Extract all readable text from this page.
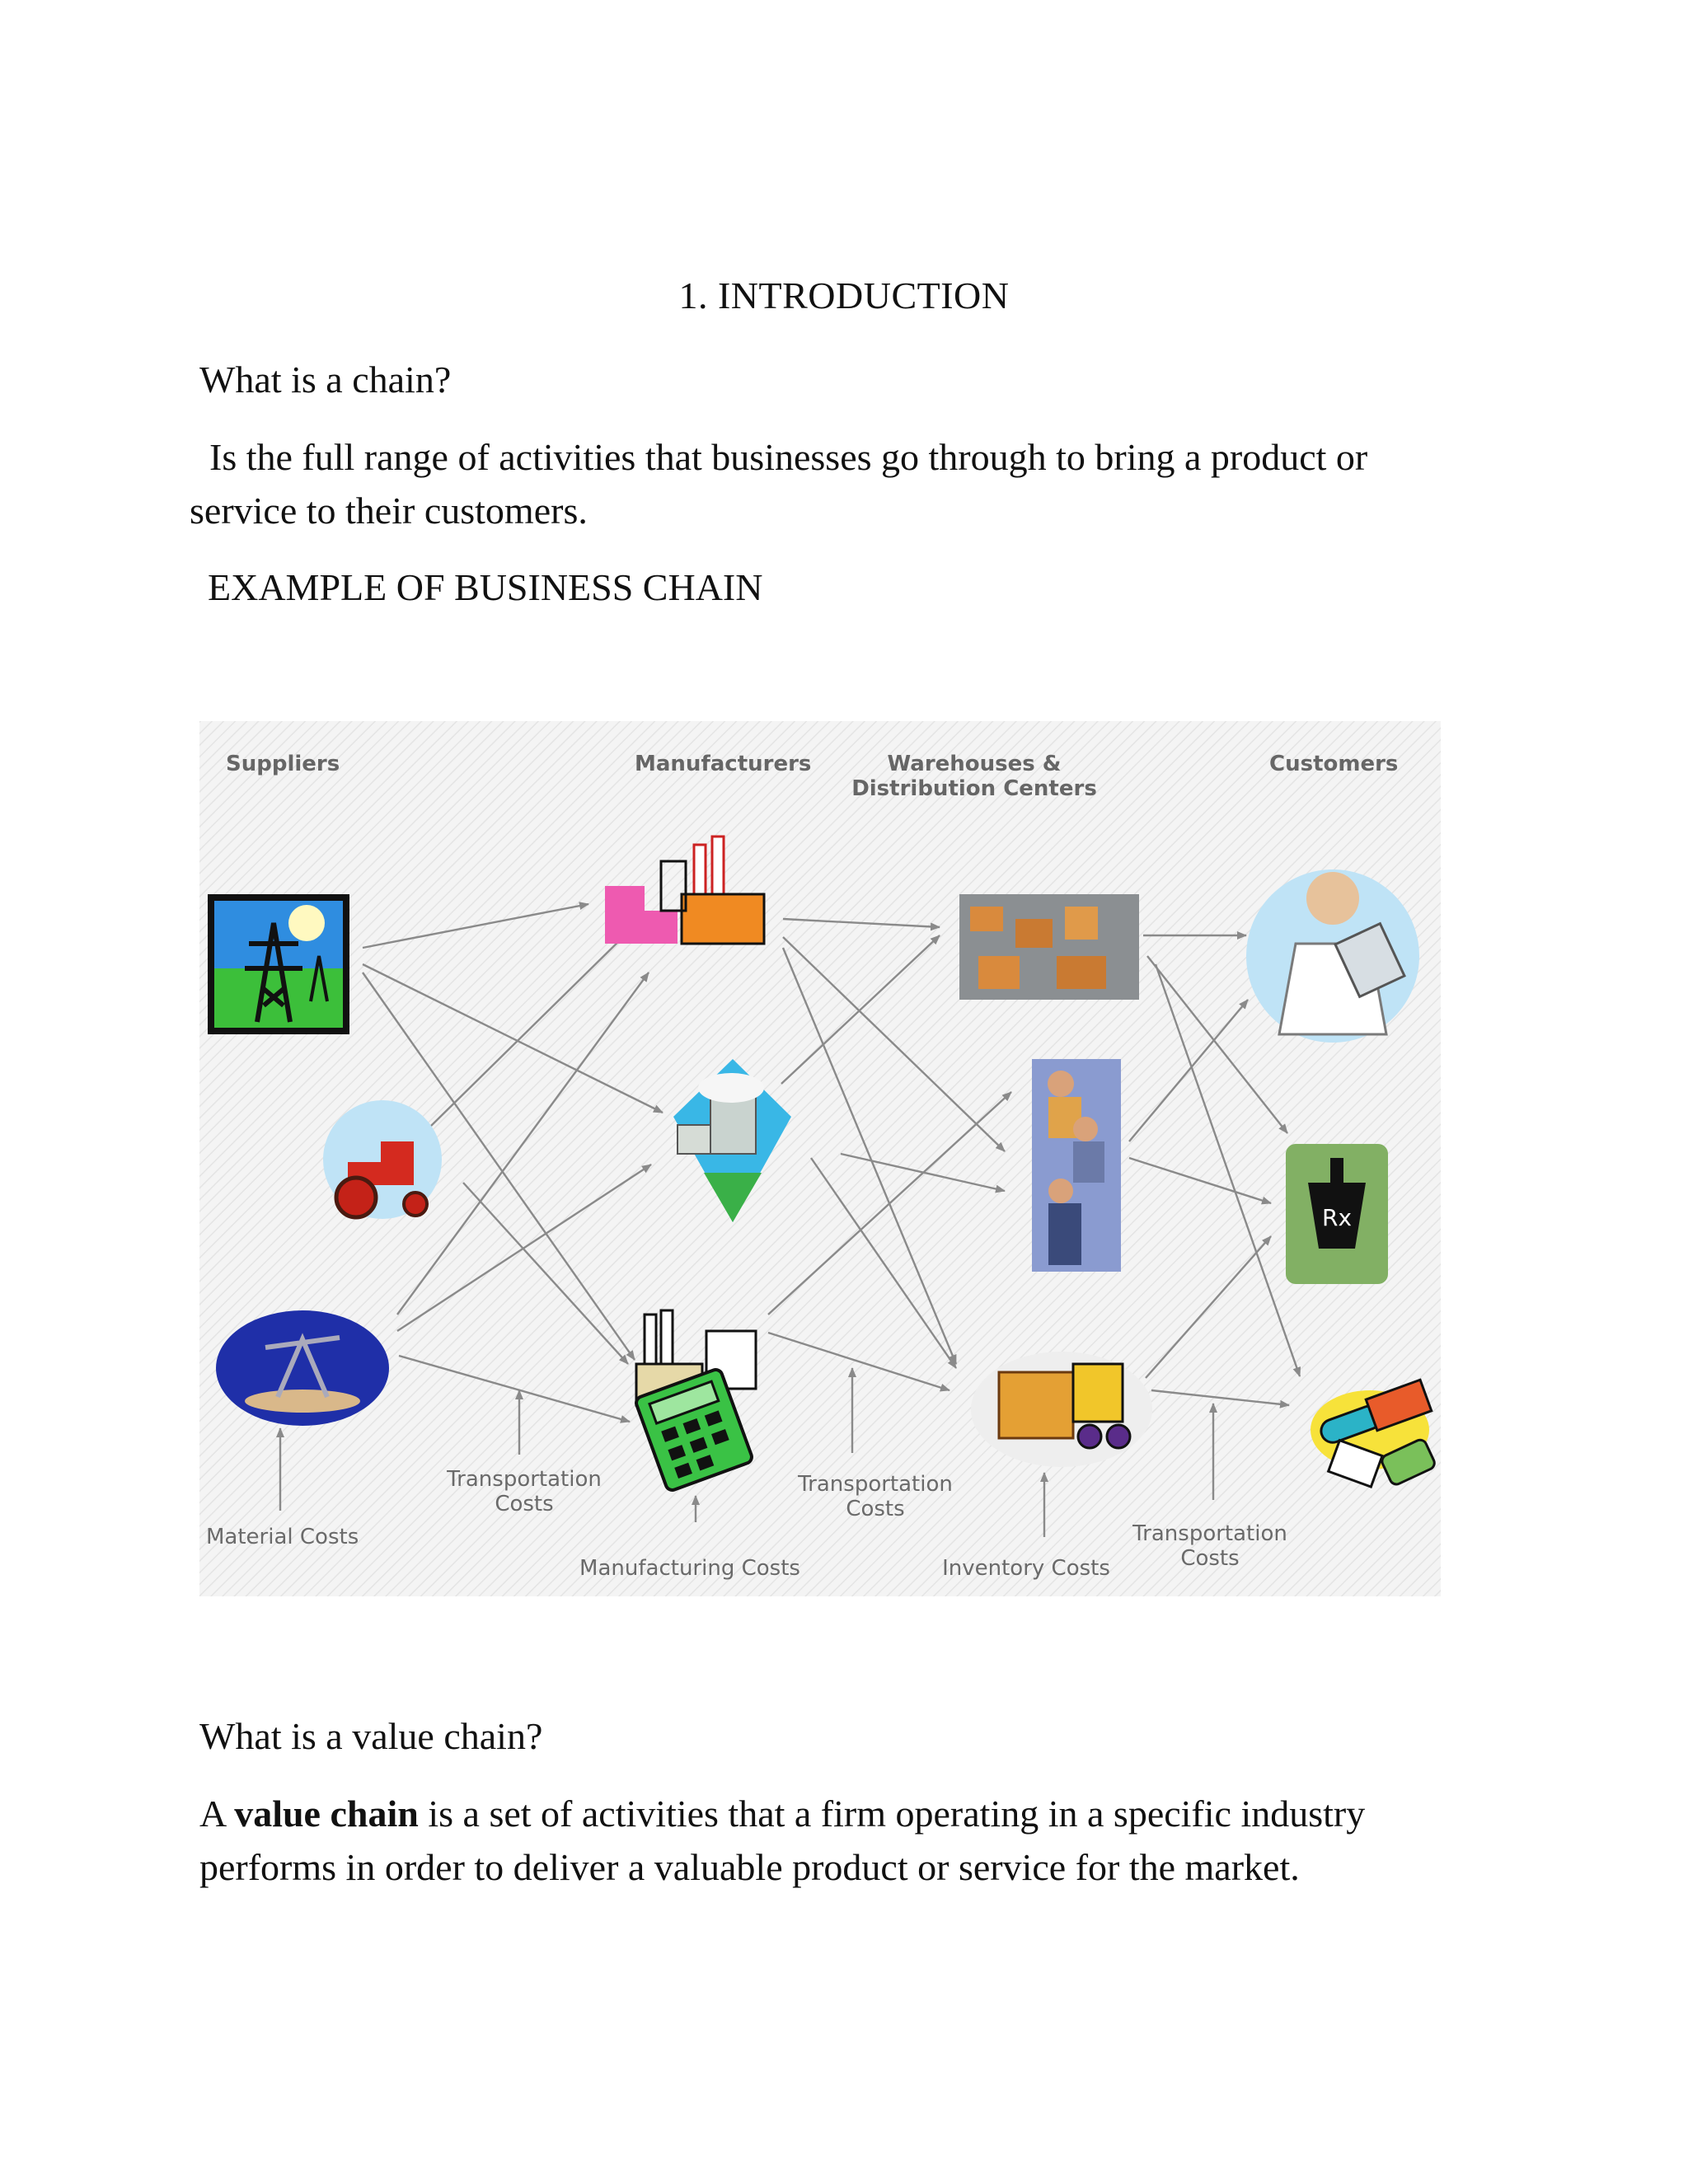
1. INTRODUCTION
What is a chain?
Is the full range of activities that businesses go through to bring a product or
service to their customers.
EXAMPLE OF BUSINESS CHAIN
Suppliers	Manufacturers	Warehouses &
Distribution Centers
Customers
Rx
Material Costs
Transportation
Costs
Manufacturing Costs
Transportation
Costs
Inventory Costs
Transportation
Costs
What is a value chain?
A value chain is a set of activities that a firm operating in a specific industry
performs in order to deliver a valuable product or service for the market.
